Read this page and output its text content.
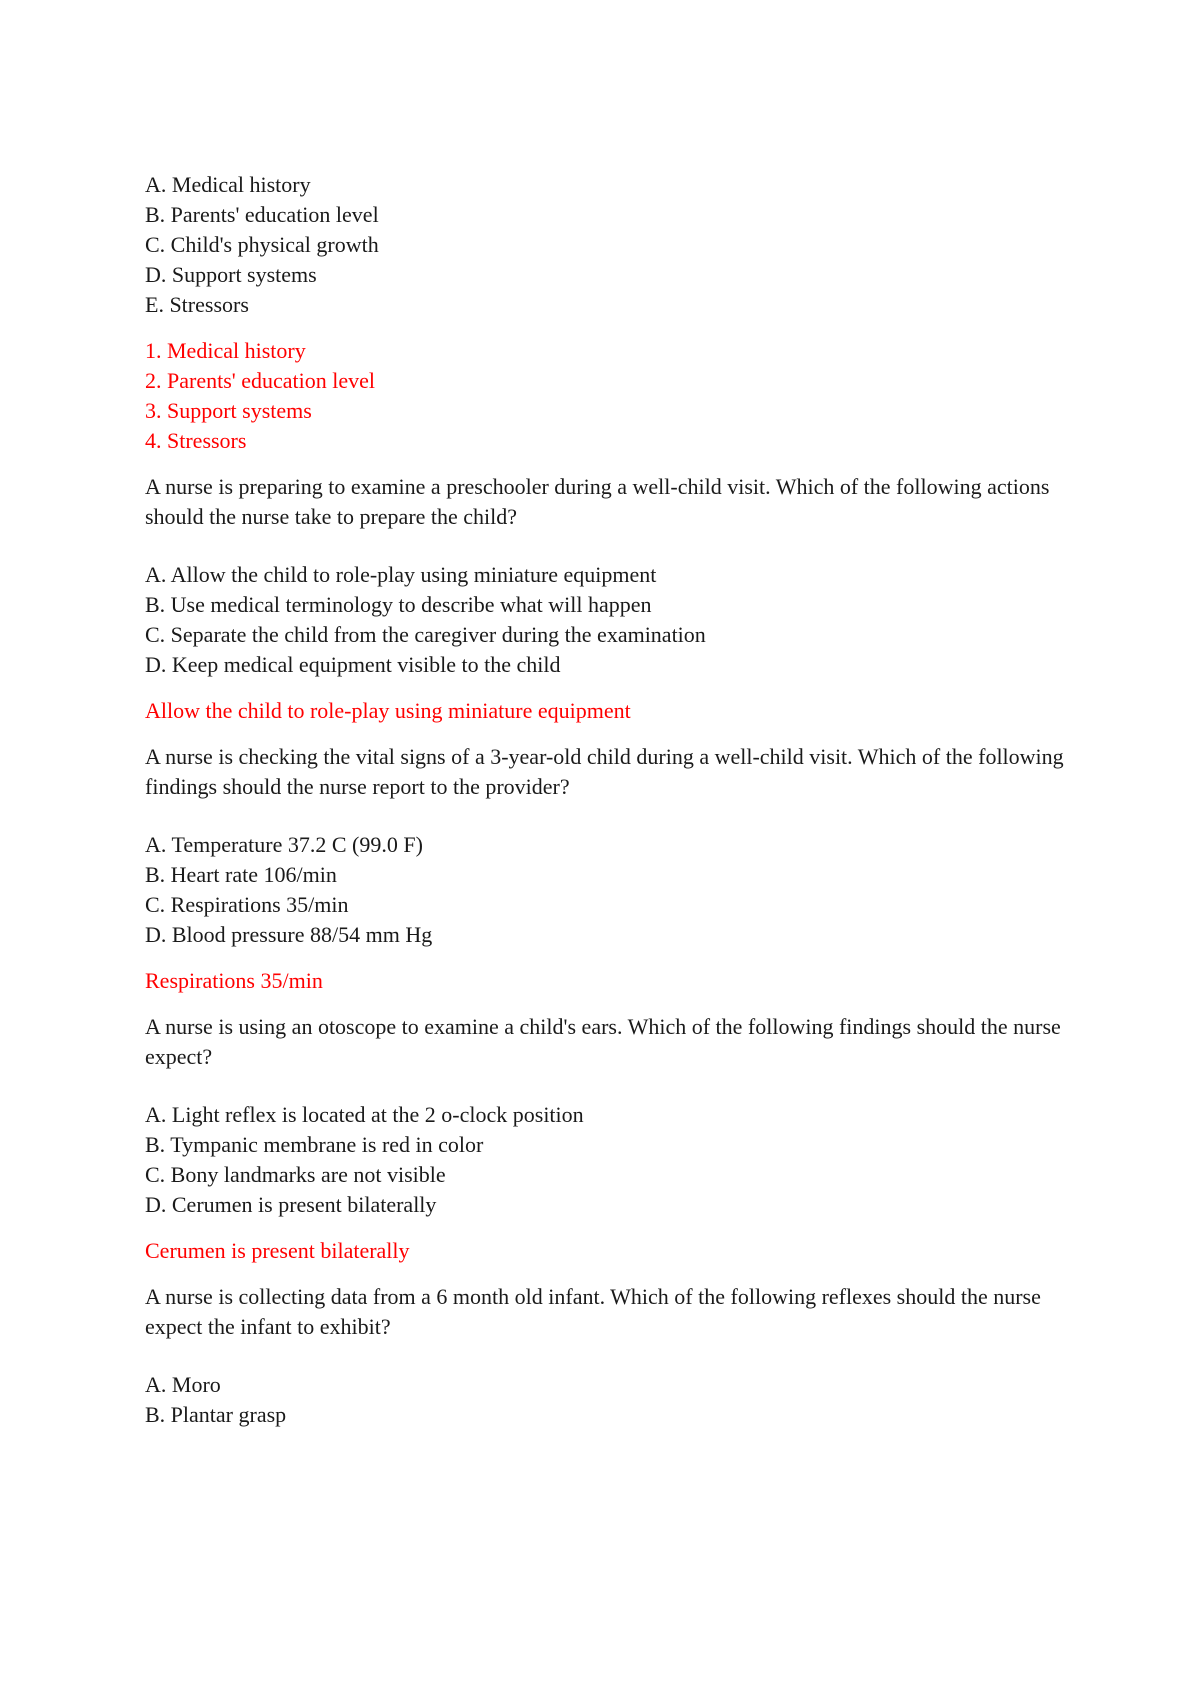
A. Medical history
B. Parents' education level
C. Child's physical growth
D. Support systems
E. Stressors
1. Medical history
2. Parents' education level
3. Support systems
4. Stressors
A nurse is preparing to examine a preschooler during a well-child visit. Which of the following actions should the nurse take to prepare the child?
A. Allow the child to role-play using miniature equipment
B. Use medical terminology to describe what will happen
C. Separate the child from the caregiver during the examination
D. Keep medical equipment visible to the child
Allow the child to role-play using miniature equipment
A nurse is checking the vital signs of a 3-year-old child during a well-child visit. Which of the following findings should the nurse report to the provider?
A. Temperature 37.2 C (99.0 F)
B. Heart rate 106/min
C. Respirations 35/min
D. Blood pressure 88/54 mm Hg
Respirations 35/min
A nurse is using an otoscope to examine a child's ears. Which of the following findings should the nurse expect?
A. Light reflex is located at the 2 o-clock position
B. Tympanic membrane is red in color
C. Bony landmarks are not visible
D. Cerumen is present bilaterally
Cerumen is present bilaterally
A nurse is collecting data from a 6 month old infant. Which of the following reflexes should the nurse expect the infant to exhibit?
A. Moro
B. Plantar grasp
